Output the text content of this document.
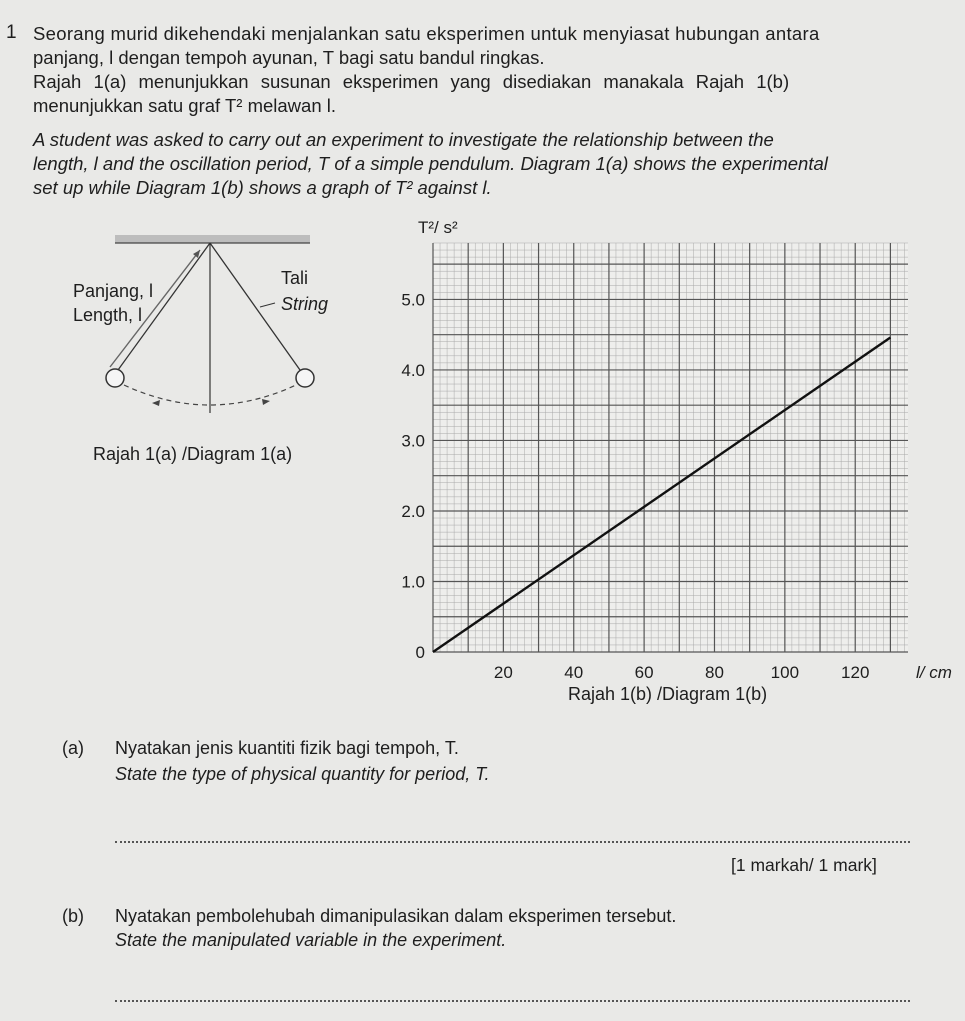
1 Seorang murid dikehendaki menjalankan satu eksperimen untuk menyiasat hubungan antara
panjang, l dengan tempoh ayunan, T bagi satu bandul ringkas.
Rajah 1(a) menunjukkan susunan eksperimen yang disediakan manakala Rajah 1(b)
menunjukkan satu graf T² melawan l.
A student was asked to carry out an experiment to investigate the relationship between the
length, l and the oscillation period, T of a simple pendulum. Diagram 1(a) shows the experimental
set up while Diagram 1(b) shows a graph of T² against l.
Panjang, l
Length, l
Tali
String
Rajah 1(a) /Diagram 1(a)
0
1.0
2.0
3.0
4.0
5.0
20	40	60	80	100 120
T²/ s²
l/ cm
Rajah 1(b) /Diagram 1(b)
(a) Nyatakan jenis kuantiti fizik bagi tempoh, T.
State the type of physical quantity for period, T.
[1 markah/ 1 mark]
(b) Nyatakan pembolehubah dimanipulasikan dalam eksperimen tersebut.
State the manipulated variable in the experiment.
